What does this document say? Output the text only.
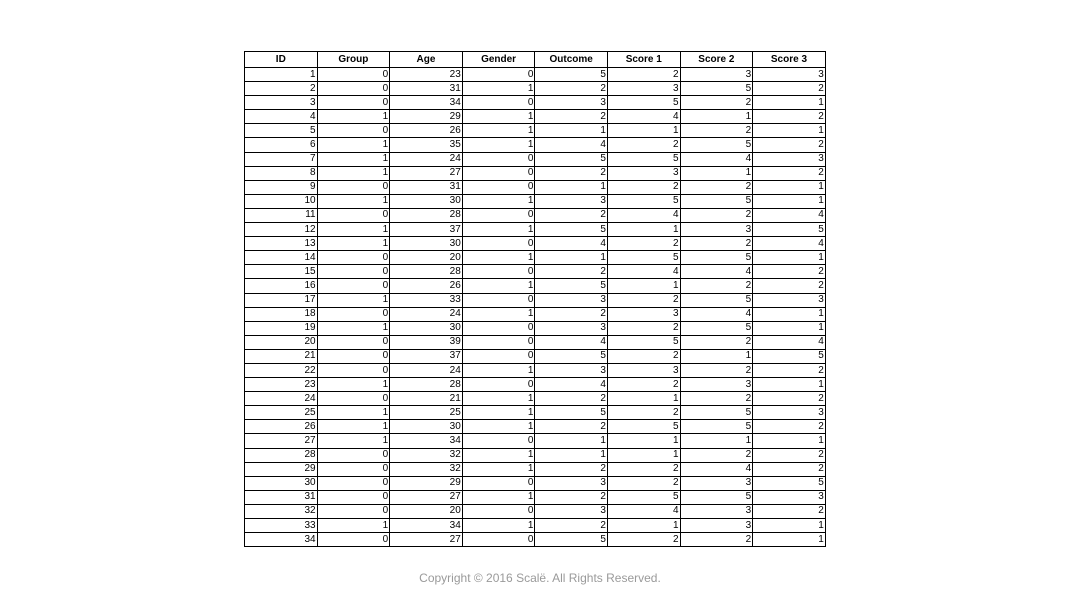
ID	Group	Age	Gender	Outcome	Score 1	Score 2	Score 3
1	0	23	0	5	2	3	3
2	0	31	1	2	3	5	2
3	0	34	0	3	5	2	1
4	1	29	1	2	4	1	2
5	0	26	1	1	1	2	1
6	1	35	1	4	2	5	2
7	1	24	0	5	5	4	3
8	1	27	0	2	3	1	2
9	0	31	0	1	2	2	1
10	1	30	1	3	5	5	1
11	0	28	0	2	4	2	4
12	1	37	1	5	1	3	5
13	1	30	0	4	2	2	4
14	0	20	1	1	5	5	1
15	0	28	0	2	4	4	2
16	0	26	1	5	1	2	2
17	1	33	0	3	2	5	3
18	0	24	1	2	3	4	1
19	1	30	0	3	2	5	1
20	0	39	0	4	5	2	4
21	0	37	0	5	2	1	5
22	0	24	1	3	3	2	2
23	1	28	0	4	2	3	1
24	0	21	1	2	1	2	2
25	1	25	1	5	2	5	3
26	1	30	1	2	5	5	2
27	1	34	0	1	1	1	1
28	0	32	1	1	1	2	2
29	0	32	1	2	2	4	2
30	0	29	0	3	2	3	5
31	0	27	1	2	5	5	3
32	0	20	0	3	4	3	2
33	1	34	1	2	1	3	1
34	0	27	0	5	2	2	1
Copyright © 2016 Scalë. All Rights Reserved.
